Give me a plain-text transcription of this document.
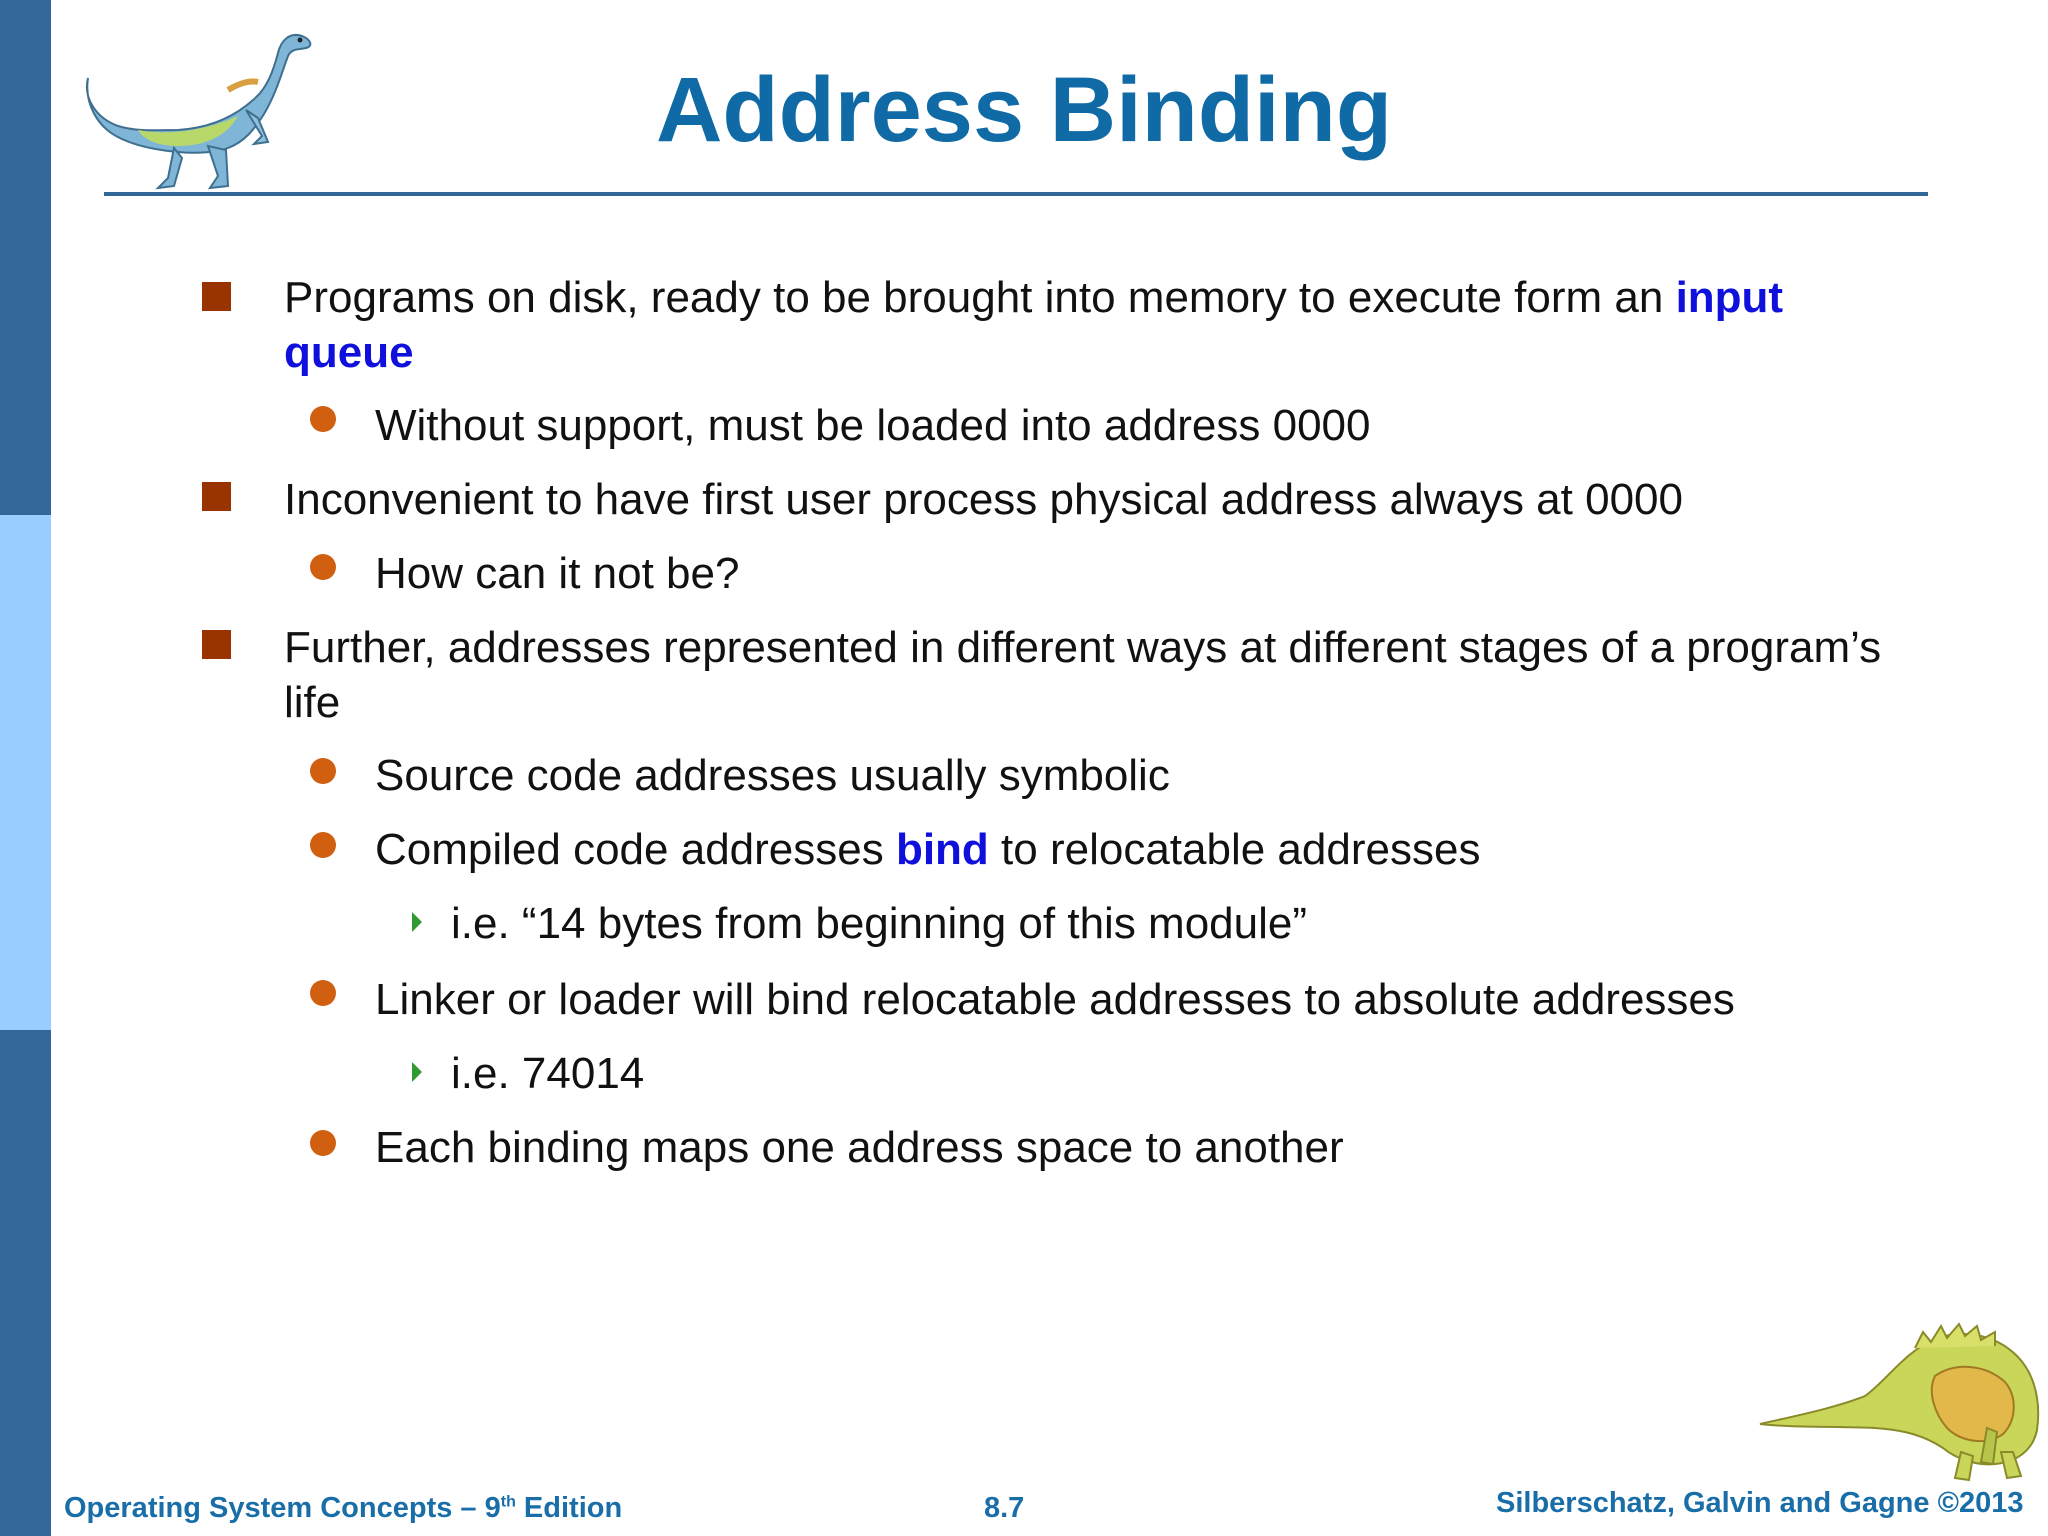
Address Binding

Programs on disk, ready to be brought into memory to execute form an input queue

Without support, must be loaded into address 0000

Inconvenient to have first user process physical address always at 0000

How can it not be?

Further, addresses represented in different ways at different stages of a program’s life

Source code addresses usually symbolic

Compiled code addresses bind to relocatable addresses

i.e. “14 bytes from beginning of this module”

Linker or loader will bind relocatable addresses to absolute addresses

i.e. 74014

Each binding maps one address space to another

Operating System Concepts – 9th Edition	8.7	Silberschatz, Galvin and Gagne ©2013
